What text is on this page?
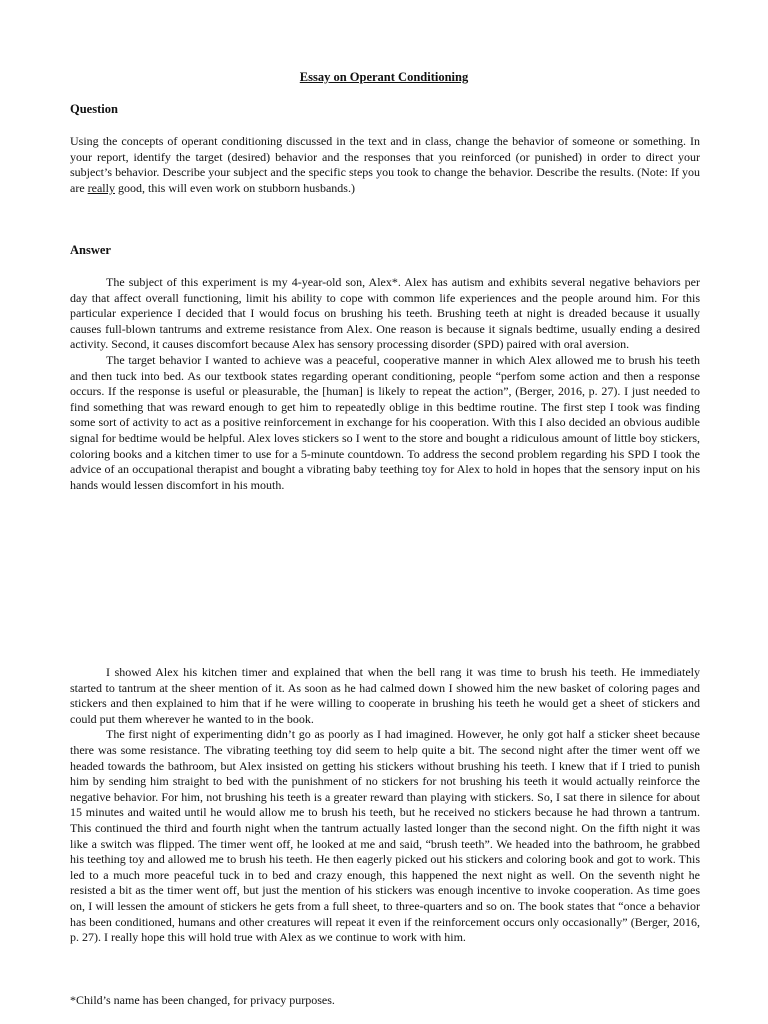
Essay on Operant Conditioning
Question

Using the concepts of operant conditioning discussed in the text and in class, change the behavior of someone or something. In your report, identify the target (desired) behavior and the responses that you reinforced (or punished) in order to direct your subject’s behavior. Describe your subject and the specific steps you took to change the behavior. Describe the results. (Note: If you are really good, this will even work on stubborn husbands.)

Answer

The subject of this experiment is my 4-year-old son, Alex*. Alex has autism and exhibits several negative behaviors per day that affect overall functioning, limit his ability to cope with common life experiences and the people around him. For this particular experience I decided that I would focus on brushing his teeth. Brushing teeth at night is dreaded because it usually causes full-blown tantrums and extreme resistance from Alex. One reason is because it signals bedtime, usually ending a desired activity. Second, it causes discomfort because Alex has sensory processing disorder (SPD) paired with oral aversion.

The target behavior I wanted to achieve was a peaceful, cooperative manner in which Alex allowed me to brush his teeth and then tuck into bed. As our textbook states regarding operant conditioning, people “perfom some action and then a response occurs. If the response is useful or pleasurable, the [human] is likely to repeat the action”, (Berger, 2016, p. 27). I just needed to find something that was reward enough to get him to repeatedly oblige in this bedtime routine. The first step I took was finding some sort of activity to act as a positive reinforcement in exchange for his cooperation. With this I also decided an obvious audible signal for bedtime would be helpful. Alex loves stickers so I went to the store and bought a ridiculous amount of little boy stickers, coloring books and a kitchen timer to use for a 5-minute countdown. To address the second problem regarding his SPD I took the advice of an occupational therapist and bought a vibrating baby teething toy for Alex to hold in hopes that the sensory input on his hands would lessen discomfort in his mouth.

I showed Alex his kitchen timer and explained that when the bell rang it was time to brush his teeth. He immediately started to tantrum at the sheer mention of it. As soon as he had calmed down I showed him the new basket of coloring pages and stickers and then explained to him that if he were willing to cooperate in brushing his teeth he would get a sheet of stickers and could put them wherever he wanted to in the book.

The first night of experimenting didn’t go as poorly as I had imagined. However, he only got half a sticker sheet because there was some resistance. The vibrating teething toy did seem to help quite a bit. The second night after the timer went off we headed towards the bathroom, but Alex insisted on getting his stickers without brushing his teeth. I knew that if I tried to punish him by sending him straight to bed with the punishment of no stickers for not brushing his teeth it would actually reinforce the negative behavior. For him, not brushing his teeth is a greater reward than playing with stickers. So, I sat there in silence for about 15 minutes and waited until he would allow me to brush his teeth, but he received no stickers because he had thrown a tantrum. This continued the third and fourth night when the tantrum actually lasted longer than the second night. On the fifth night it was like a switch was flipped. The timer went off, he looked at me and said, “brush teeth”. We headed into the bathroom, he grabbed his teething toy and allowed me to brush his teeth. He then eagerly picked out his stickers and coloring book and got to work. This led to a much more peaceful tuck in to bed and crazy enough, this happened the next night as well. On the seventh night he resisted a bit as the timer went off, but just the mention of his stickers was enough incentive to invoke cooperation. As time goes on, I will lessen the amount of stickers he gets from a full sheet, to three-quarters and so on. The book states that “once a behavior has been conditioned, humans and other creatures will repeat it even if the reinforcement occurs only occasionally” (Berger, 2016, p. 27). I really hope this will hold true with Alex as we continue to work with him.

*Child’s name has been changed, for privacy purposes.
